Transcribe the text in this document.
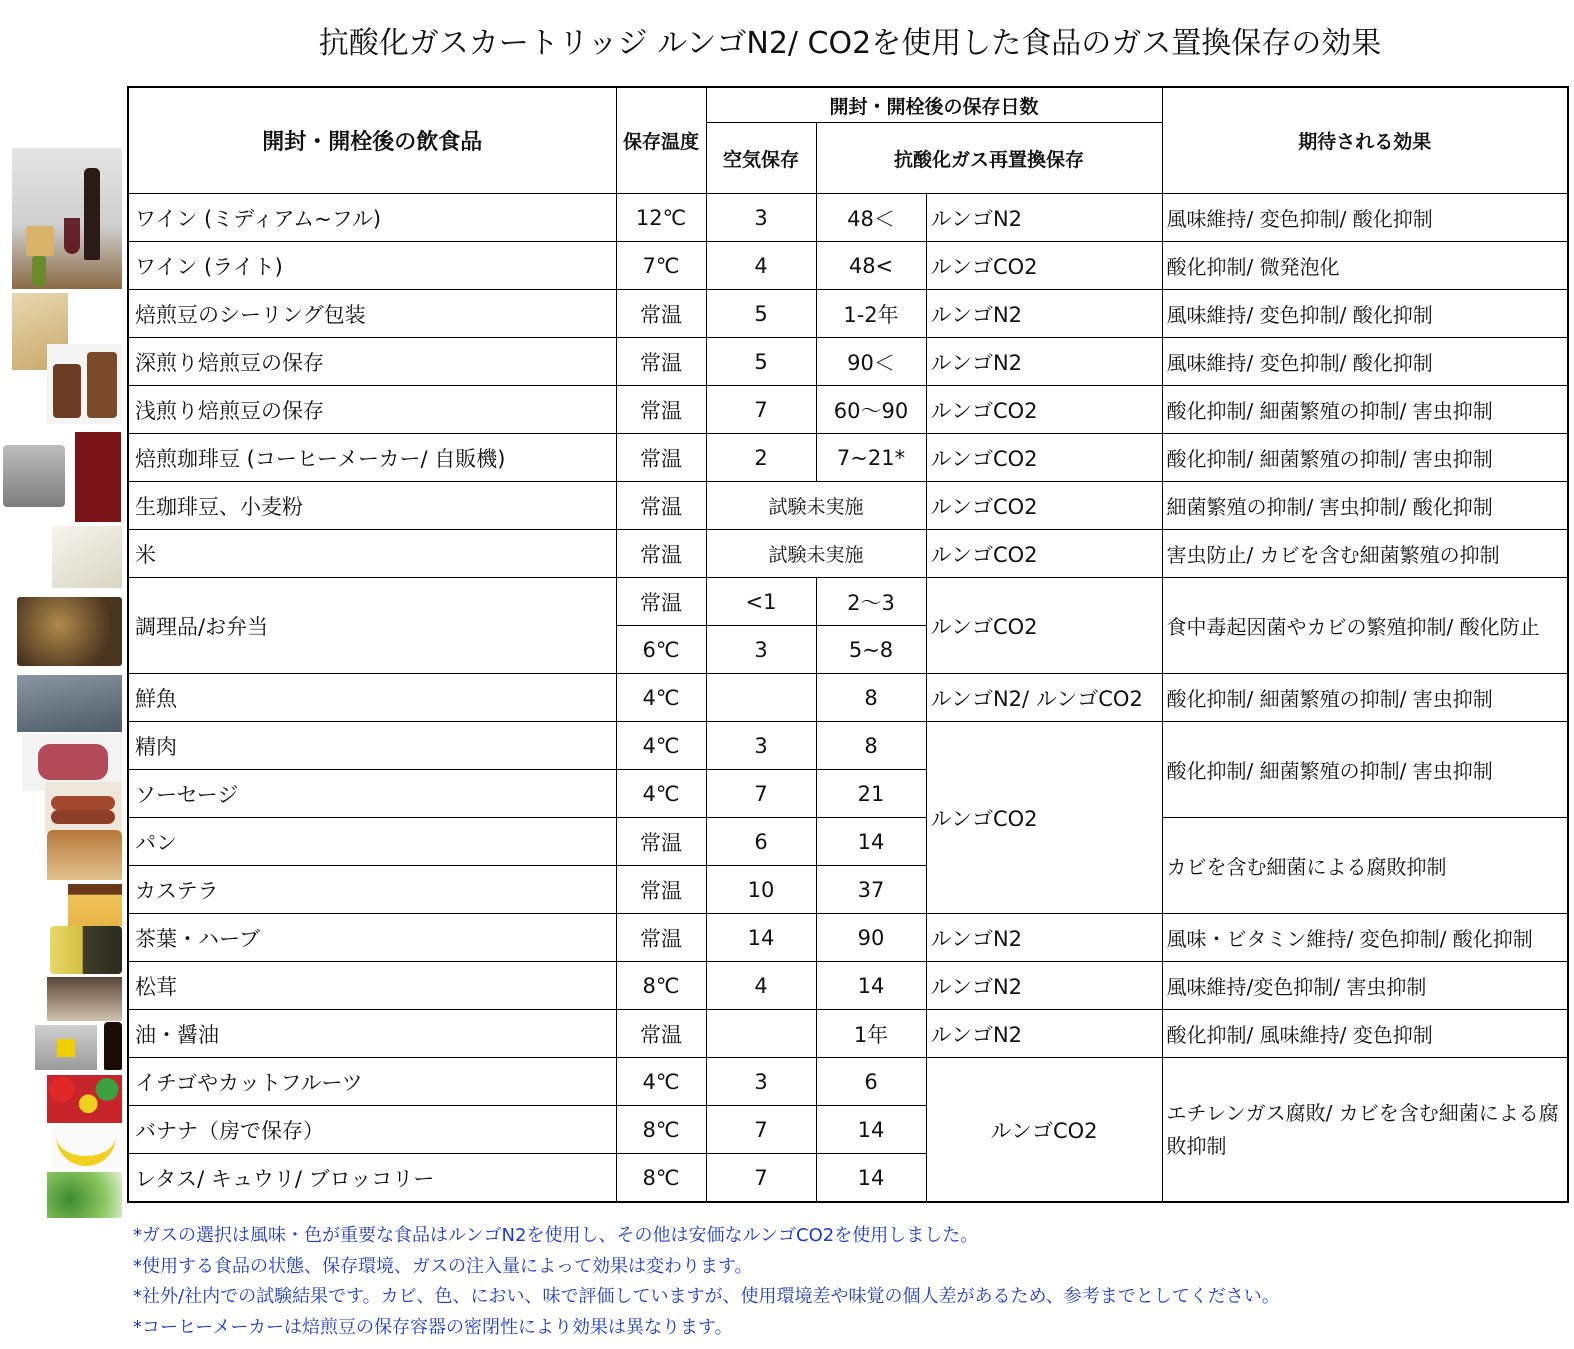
抗酸化ガスカートリッジ ルンゴN2/ CO2を使用した食品のガス置換保存の効果
開封・開栓後の飲食品	保存温度	開封・開栓後の保存日数			期待される効果
		空気保存	抗酸化ガス再置換保存		
ワイン (ミディアム~フル)	12℃	3	48＜	ルンゴN2	風味維持/ 変色抑制/ 酸化抑制
ワイン (ライト)	7℃	4	48<	ルンゴCO2	酸化抑制/ 微発泡化
焙煎豆のシーリング包装	常温	5	1-2年	ルンゴN2	風味維持/ 変色抑制/ 酸化抑制
深煎り焙煎豆の保存	常温	5	90＜	ルンゴN2	風味維持/ 変色抑制/ 酸化抑制
浅煎り焙煎豆の保存	常温	7	60～90	ルンゴCO2	酸化抑制/ 細菌繁殖の抑制/ 害虫抑制
焙煎珈琲豆 (コーヒーメーカー/ 自販機)	常温	2	7~21*	ルンゴCO2	酸化抑制/ 細菌繁殖の抑制/ 害虫抑制
生珈琲豆、小麦粉	常温	試験未実施		ルンゴCO2	細菌繁殖の抑制/ 害虫抑制/ 酸化抑制
米	常温	試験未実施		ルンゴCO2	害虫防止/ カビを含む細菌繁殖の抑制
調理品/お弁当	常温	<1	2～3	ルンゴCO2	食中毒起因菌やカビの繁殖抑制/ 酸化防止
	6℃	3	5~8		
鮮魚	4℃		8	ルンゴN2/ ルンゴCO2	酸化抑制/ 細菌繁殖の抑制/ 害虫抑制
精肉	4℃	3	8	ルンゴCO2	酸化抑制/ 細菌繁殖の抑制/ 害虫抑制
ソーセージ	4℃	7	21		
パン	常温	6	14		カビを含む細菌による腐敗抑制
カステラ	常温	10	37		
茶葉・ハーブ	常温	14	90	ルンゴN2	風味・ビタミン維持/ 変色抑制/ 酸化抑制
松茸	8℃	4	14	ルンゴN2	風味維持/変色抑制/ 害虫抑制
油・醤油	常温		1年	ルンゴN2	酸化抑制/ 風味維持/ 変色抑制
イチゴやカットフルーツ	4℃	3	6	ルンゴCO2	エチレンガス腐敗/ カビを含む細菌による腐敗抑制
バナナ（房で保存）	8℃	7	14		
レタス/ キュウリ/ ブロッコリー	8℃	7	14		
*ガスの選択は風味・色が重要な食品はルンゴN2を使用し、その他は安価なルンゴCO2を使用しました。
*使用する食品の状態、保存環境、ガスの注入量によって効果は変わります。
*社外/社内での試験結果です。カビ、色、におい、味で評価していますが、使用環境差や味覚の個人差があるため、参考までとしてください。
*コーヒーメーカーは焙煎豆の保存容器の密閉性により効果は異なります。
